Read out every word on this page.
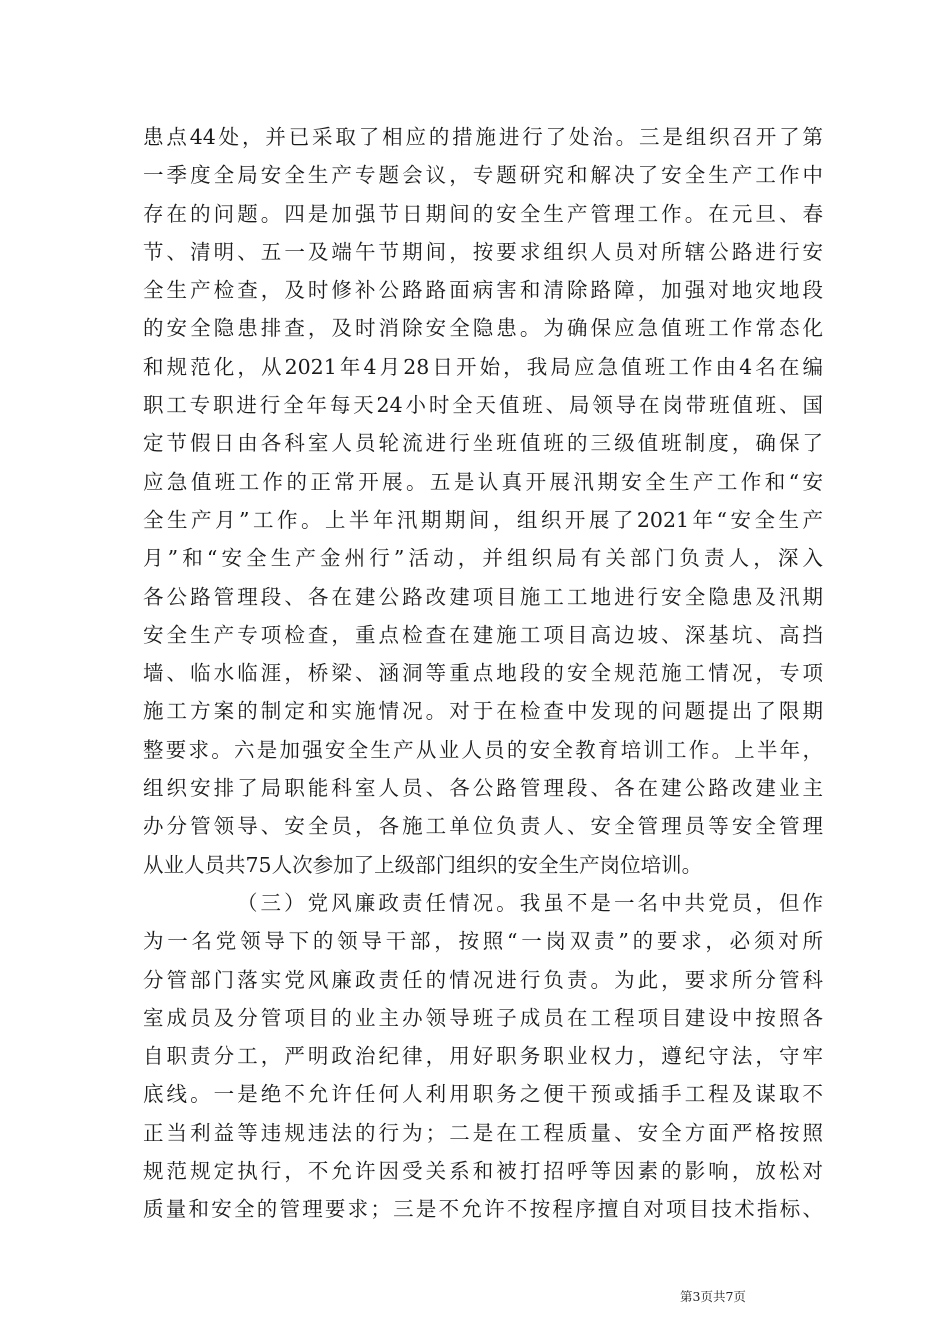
患点44处，并已采取了相应的措施进行了处治。三是组织召开了第
一季度全局安全生产专题会议，专题研究和解决了安全生产工作中
存在的问题。四是加强节日期间的安全生产管理工作。在元旦、春
节、清明、五一及端午节期间，按要求组织人员对所辖公路进行安
全生产检查，及时修补公路路面病害和清除路障，加强对地灾地段
的安全隐患排查，及时消除安全隐患。为确保应急值班工作常态化
和规范化，从2021年4月28日开始，我局应急值班工作由4名在编
职工专职进行全年每天24小时全天值班、局领导在岗带班值班、国
定节假日由各科室人员轮流进行坐班值班的三级值班制度，确保了
应急值班工作的正常开展。五是认真开展汛期安全生产工作和“安
全生产月”工作。上半年汛期期间，组织开展了2021年“安全生产
月”和“安全生产金州行”活动，并组织局有关部门负责人，深入
各公路管理段、各在建公路改建项目施工工地进行安全隐患及汛期
安全生产专项检查，重点检查在建施工项目高边坡、深基坑、高挡
墙、临水临涯，桥梁、涵洞等重点地段的安全规范施工情况，专项
施工方案的制定和实施情况。对于在检查中发现的问题提出了限期
整要求。六是加强安全生产从业人员的安全教育培训工作。上半年，
组织安排了局职能科室人员、各公路管理段、各在建公路改建业主
办分管领导、安全员，各施工单位负责人、安全管理员等安全管理
从业人员共75人次参加了上级部门组织的安全生产岗位培训。
（三）党风廉政责任情况。我虽不是一名中共党员，但作
为一名党领导下的领导干部，按照“一岗双责”的要求，必须对所
分管部门落实党风廉政责任的情况进行负责。为此，要求所分管科
室成员及分管项目的业主办领导班子成员在工程项目建设中按照各
自职责分工，严明政治纪律，用好职务职业权力，遵纪守法，守牢
底线。一是绝不允许任何人利用职务之便干预或插手工程及谋取不
正当利益等违规违法的行为；二是在工程质量、安全方面严格按照
规范规定执行，不允许因受关系和被打招呼等因素的影响，放松对
质量和安全的管理要求；三是不允许不按程序擅自对项目技术指标、
第3页共7页
